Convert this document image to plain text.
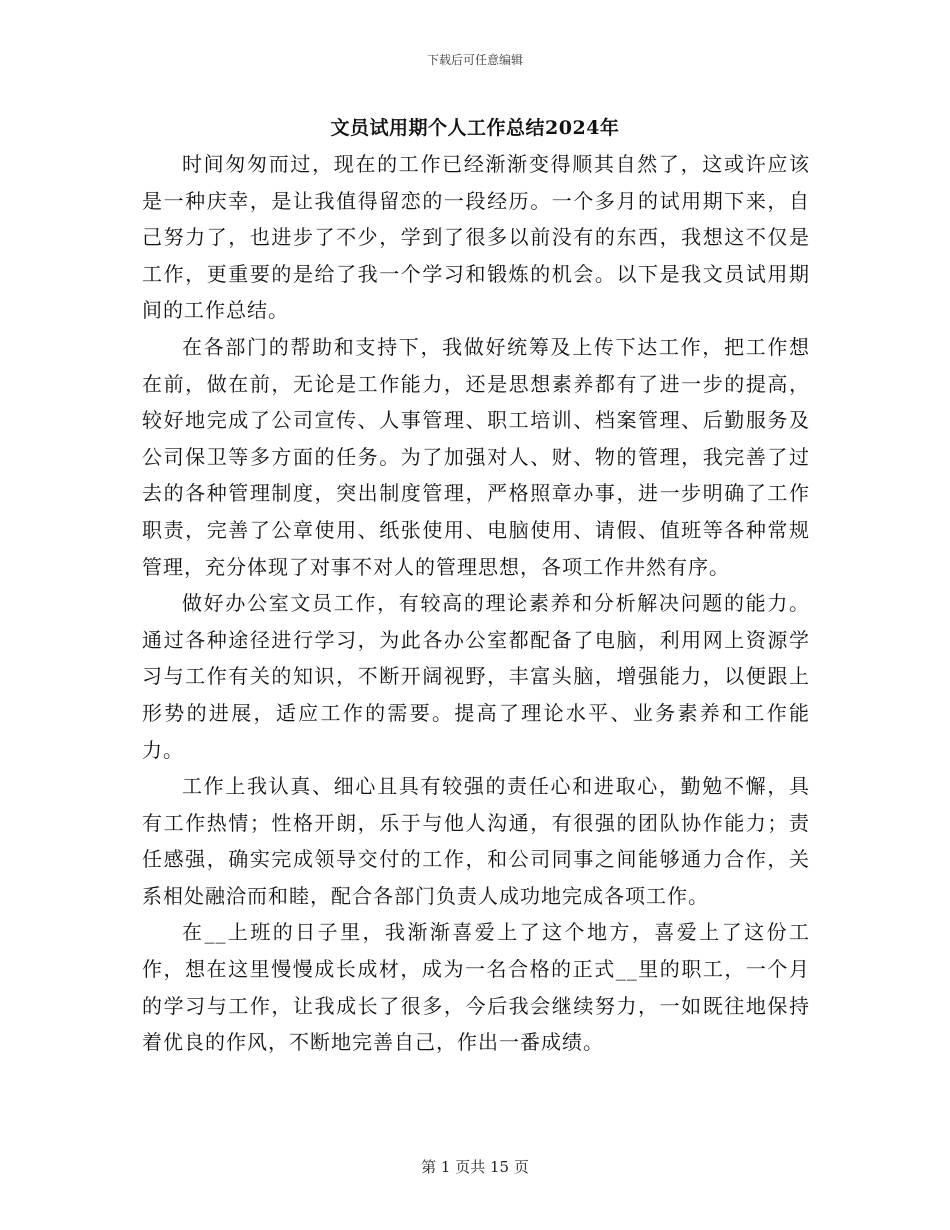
下载后可任意编辑
文员试用期个人工作总结2024年

时间匆匆而过，现在的工作已经渐渐变得顺其自然了，这或许应该是一种庆幸，是让我值得留恋的一段经历。一个多月的试用期下来，自己努力了，也进步了不少，学到了很多以前没有的东西，我想这不仅是工作，更重要的是给了我一个学习和锻炼的机会。以下是我文员试用期间的工作总结。

在各部门的帮助和支持下，我做好统筹及上传下达工作，把工作想在前，做在前，无论是工作能力，还是思想素养都有了进一步的提高，较好地完成了公司宣传、人事管理、职工培训、档案管理、后勤服务及公司保卫等多方面的任务。为了加强对人、财、物的管理，我完善了过去的各种管理制度，突出制度管理，严格照章办事，进一步明确了工作职责，完善了公章使用、纸张使用、电脑使用、请假、值班等各种常规管理，充分体现了对事不对人的管理思想，各项工作井然有序。

做好办公室文员工作，有较高的理论素养和分析解决问题的能力。通过各种途径进行学习，为此各办公室都配备了电脑，利用网上资源学习与工作有关的知识，不断开阔视野，丰富头脑，增强能力，以便跟上形势的进展，适应工作的需要。提高了理论水平、业务素养和工作能力。

工作上我认真、细心且具有较强的责任心和进取心，勤勉不懈，具有工作热情；性格开朗，乐于与他人沟通，有很强的团队协作能力；责任感强，确实完成领导交付的工作，和公司同事之间能够通力合作，关系相处融洽而和睦，配合各部门负责人成功地完成各项工作。

在__上班的日子里，我渐渐喜爱上了这个地方，喜爱上了这份工作，想在这里慢慢成长成材，成为一名合格的正式__里的职工，一个月的学习与工作，让我成长了很多，今后我会继续努力，一如既往地保持着优良的作风，不断地完善自己，作出一番成绩。

第 1 页共 15 页
